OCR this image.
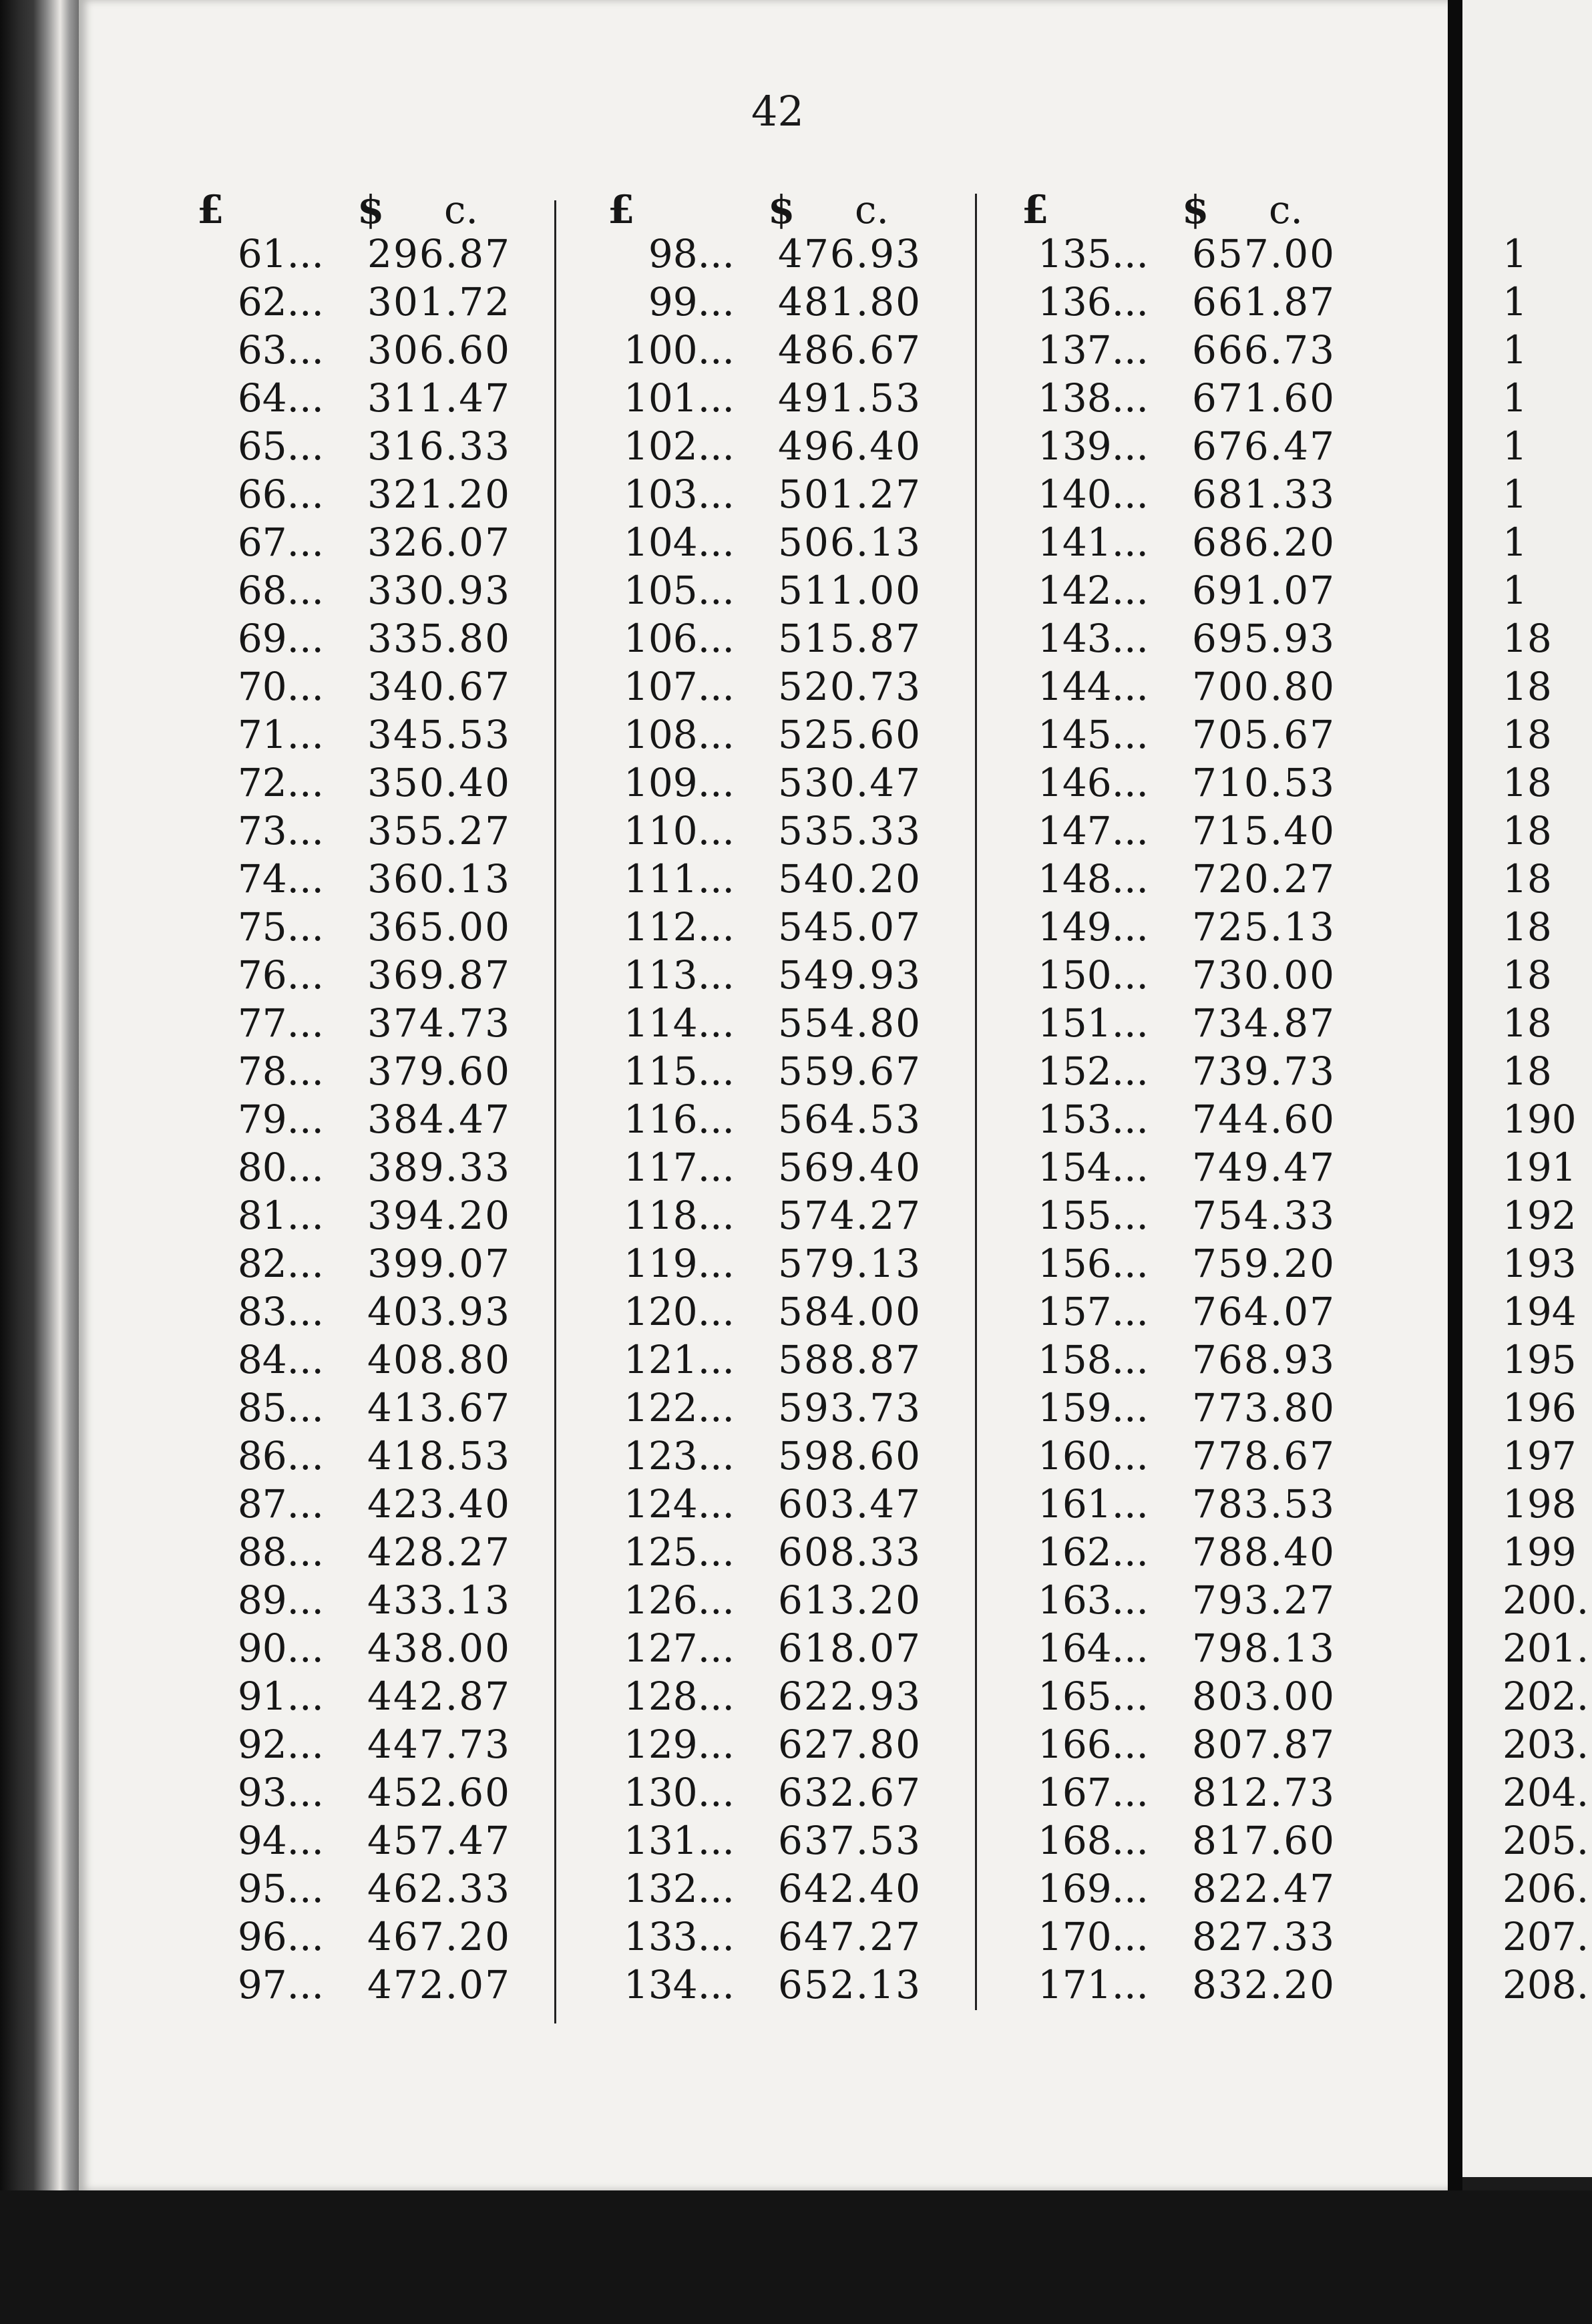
42
£	$ c.
61...	296.87
62...	301.72
63...	306.60
64...	311.47
65...	316.33
66...	321.20
67...	326.07
68...	330.93
69...	335.80
70...	340.67
71...	345.53
72...	350.40
73...	355.27
74...	360.13
75...	365.00
76...	369.87
77...	374.73
78...	379.60
79...	384.47
80...	389.33
81...	394.20
82...	399.07
83...	403.93
84...	408.80
85...	413.67
86...	418.53
87...	423.40
88...	428.27
89...	433.13
90...	438.00
91...	442.87
92...	447.73
93...	452.60
94...	457.47
95...	462.33
96...	467.20
97...	472.07
£	$ c.
98...	476.93
99...	481.80
100...	486.67
101...	491.53
102...	496.40
103...	501.27
104...	506.13
105...	511.00
106...	515.87
107...	520.73
108...	525.60
109...	530.47
110...	535.33
111...	540.20
112...	545.07
113...	549.93
114...	554.80
115...	559.67
116...	564.53
117...	569.40
118...	574.27
119...	579.13
120...	584.00
121...	588.87
122...	593.73
123...	598.60
124...	603.47
125...	608.33
126...	613.20
127...	618.07
128...	622.93
129...	627.80
130...	632.67
131...	637.53
132...	642.40
133...	647.27
134...	652.13
£	$ c.
135...	657.00
136...	661.87
137...	666.73
138...	671.60
139...	676.47
140...	681.33
141...	686.20
142...	691.07
143...	695.93
144...	700.80
145...	705.67
146...	710.53
147...	715.40
148...	720.27
149...	725.13
150...	730.00
151...	734.87
152...	739.73
153...	744.60
154...	749.47
155...	754.33
156...	759.20
157...	764.07
158...	768.93
159...	773.80
160...	778.67
161...	783.53
162...	788.40
163...	793.27
164...	798.13
165...	803.00
166...	807.87
167...	812.73
168...	817.60
169...	822.47
170...	827.33
171...	832.20
1
1
1
1
1
1
1
1
18
18
18
18
18
18
18
18
18
18
190
191
192
193
194
195
196
197
198
199
200.
201.
202.
203.
204.
205.
206.
207.
208.
